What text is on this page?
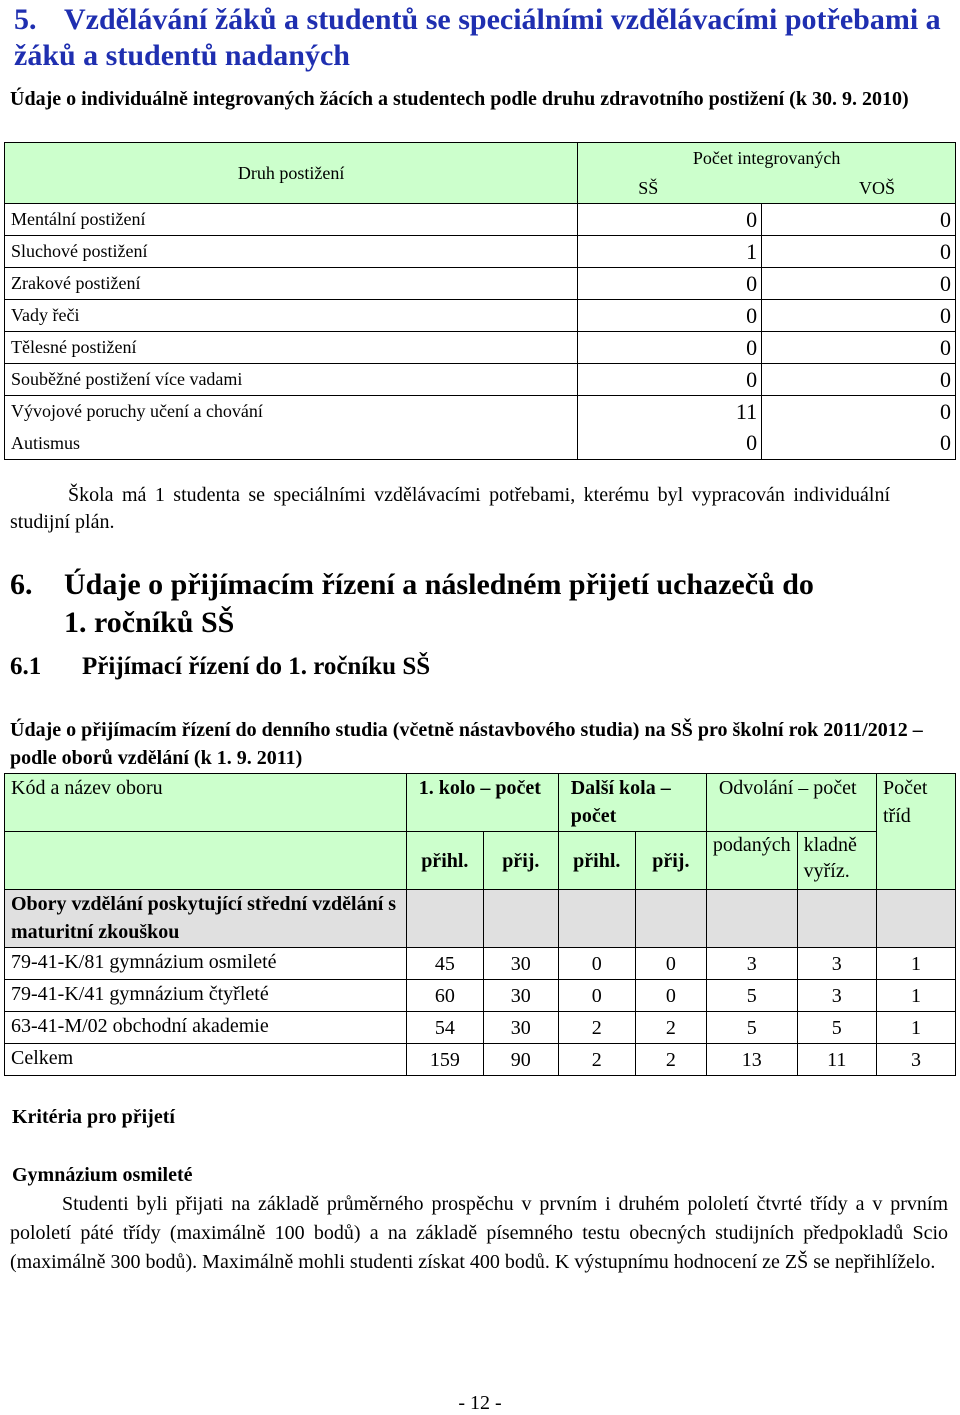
5. Vzdělávání žáků a studentů se speciálními vzdělávacími potřebami a žáků a studentů nadaných
Údaje o individuálně integrovaných žácích a studentech podle druhu zdravotního postižení (k 30. 9. 2010)
Druh postižení	Počet integrovaných	
	SŠ	VOŠ
Mentální postižení	0	0
Sluchové postižení	1	0
Zrakové postižení	0	0
Vady řeči	0	0
Tělesné postižení	0	0
Souběžné postižení více vadami	0	0
Vývojové poruchy učení a chování	11	0
Autismus	0	0
Škola má 1 studenta se speciálními vzdělávacími potřebami, kterému byl vypracován individuální studijní plán.
6. Údaje o přijímacím řízení a následném přijetí uchazečů do
1. ročníků SŠ
6.1 Přijímací řízení do 1. ročníku SŠ
Údaje o přijímacím řízení do denního studia (včetně nástavbového studia) na SŠ pro školní rok 2011/2012 – podle oborů vzdělání (k 1. 9. 2011)
Kód a název oboru	1. kolo – počet		Další kola – počet		Odvolání – počet		Počet tříd
	přihl.	přij.	přihl.	přij.	podaných	kladně vyříz.	
Obory vzdělání poskytující střední vzdělání s maturitní zkouškou							
79-41-K/81 gymnázium osmileté	45	30	0	0	3	3	1
79-41-K/41 gymnázium čtyřleté	60	30	0	0	5	3	1
63-41-M/02 obchodní akademie	54	30	2	2	5	5	1
Celkem	159	90	2	2	13	11	3
Kritéria pro přijetí
Gymnázium osmileté
Studenti byli přijati na základě průměrného prospěchu v prvním i druhém pololetí čtvrté třídy a v prvním pololetí páté třídy (maximálně 100 bodů) a na základě písemného testu obecných studijních předpokladů Scio (maximálně 300 bodů). Maximálně mohli studenti získat 400 bodů. K výstupnímu hodnocení ze ZŠ se nepřihlíželo.
- 12 -
